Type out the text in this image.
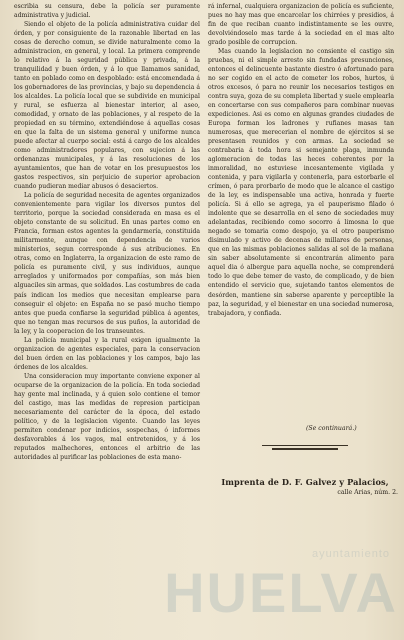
escribia su censura, debe la policía ser puramente administrativa y judicial.

Siendo el objeto de la policía administrativa cuidar del órden, y por consiguiente de la razonable libertad en las cosas de derecho comun, se divide naturalmente como la administracion, en general, y local. La primera comprende lo relativo á la seguridad pública y privada, á la tranquilidad y buen órden, y á lo que llamamos sanidad, tanto en poblado como en despoblado: está encomendada á los gobernadores de las provincias, y bajo su dependencia á los alcaldes. La policía local que se subdivide en municipal y rural, se esfuerza al bienestar interior, al aseo, comodidad, y ornato de las poblaciones, y al respeto de la propiedad en su término, extendiéndose á aquellas cosas en que la falta de un sistema general y uniforme nunca puede afectar al cuerpo social: está á cargo de los alcaldes como administradores populares, con sujecion á las ordenanzas municipales, y á las resoluciones de los ayuntamientos, que han de votar en los presupuestos los gastos respectivos, sin perjuicio de superior aprobacion cuando pudieran mediar abusos ó desaciertos.

La policía de seguridad necesita de agentes organizados convenientemente para vigilar los diversos puntos del territorio, porque la sociedad considerada en masa es el objeto constante de su solicitud. En unas partes como en Francia, forman estos agentes la gendarmería, constituida militarmente, aunque con dependencia de varios ministerios, segun corresponde á sus atribuciones. En otras, como en Inglaterra, la organizacion de este ramo de policía es puramente civil, y sus individuos, aunque arreglados y uniformados por compañías, son más bien alguaciles sin armas, que soldados. Las costumbres de cada país indican los medios que necesitan emplearse para conseguir el objeto: en España no se pasó mucho tiempo antes que pueda confiarse la seguridad pública á agentes, que no tengan mas recursos de sus puños, la autoridad de la ley, y la cooperacion de los transeuntes.

La policía municipal y la rural exigen igualmente la organizacion de agentes especiales, para la conservacion del buen órden en las poblaciones y los campos, bajo las órdenes de los alcaldes.

Una consideracion muy importante conviene exponer al ocuparse de la organizacion de la policía. En toda sociedad hay gente mal inclinada, y á quien solo contiene el temor del castigo, mas las medidas de represion participan necesariamente del carácter de la época, del estado político, y de la legislacion vigente. Cuando las leyes permiten condenar por indicios, sospechas, ó informes desfavorables á los vagos, mal entretenidos, y á los reputados malhechores, entonces el arbitrio de las autoridades al purificar las poblaciones de esta mano-

rá infernal, cualquiera organizacion de policía es suficiente, pues no hay mas que encarcelar los chirrées y presidios, á fin de que reciban cuanto indistintamente se les ouvre, devolviéndoselo mas tarde á la sociedad en el mas alto grado posible de corrupcion.

Mas cuando la legislacion no consiente el castigo sin pruebas, ni el simple arresto sin fundadas presunciones, entonces el delincuente bastante diestro ó afortunado para no ser cogido en el acto de cometer los robos, hurtos, ú otros excesos, ó para no reunir los necesarios testigos en contra suya, goza de su completa libertad y suele emplearla en concertarse con sus compañeros para combinar nuevas expediciones. Asi es como en algunas grandes ciudades de Europa forman los ladrones y rufianes masas tan numerosas, que merecerian el nombre de ejércitos si se presentasen reunidos y con armas. La sociedad se contrabaria á toda hora si semejante plaga, inmunda aglomeracion de todas las heces coherentes por la inmoralidad, no estuviese incesantemente vigilada y contenida, y para vigilarla y contenerla, para estorbarle el crímen, ó para prorbarlo de modo que le alcance el castigo de la ley, es indispensable una activa, honrada y fuerte policía. Si á ello se agrega, ya el pauperismo filado ó indolente que se desarrolla en el seno de sociedades muy adelantadas, recibiendo como socorro á limosna lo que negado se tomaria como despojo, ya el otro pauperismo disimulado y activo de decenas de millares de personas, que en las mismas poblaciones salidas al sol de la mañana sin saber absolutamente si encontrarán alimento para aquel dia ó albergue para aquella noche, se comprenderá todo lo que debe temer de vasto, de complicado, y de bien entendido el servicio que, sujetando tantos elementos de desórden, mantiene sin saberse aparente y perceptible la paz, la seguridad, y el bienestar en una sociedad numerosa, trabajadora, y confiada.

(Se continuará.)
Imprenta de D. F. Galvez y Palacios,
calle Arias, núm. 2.
ayuntamiento
HUELVA
